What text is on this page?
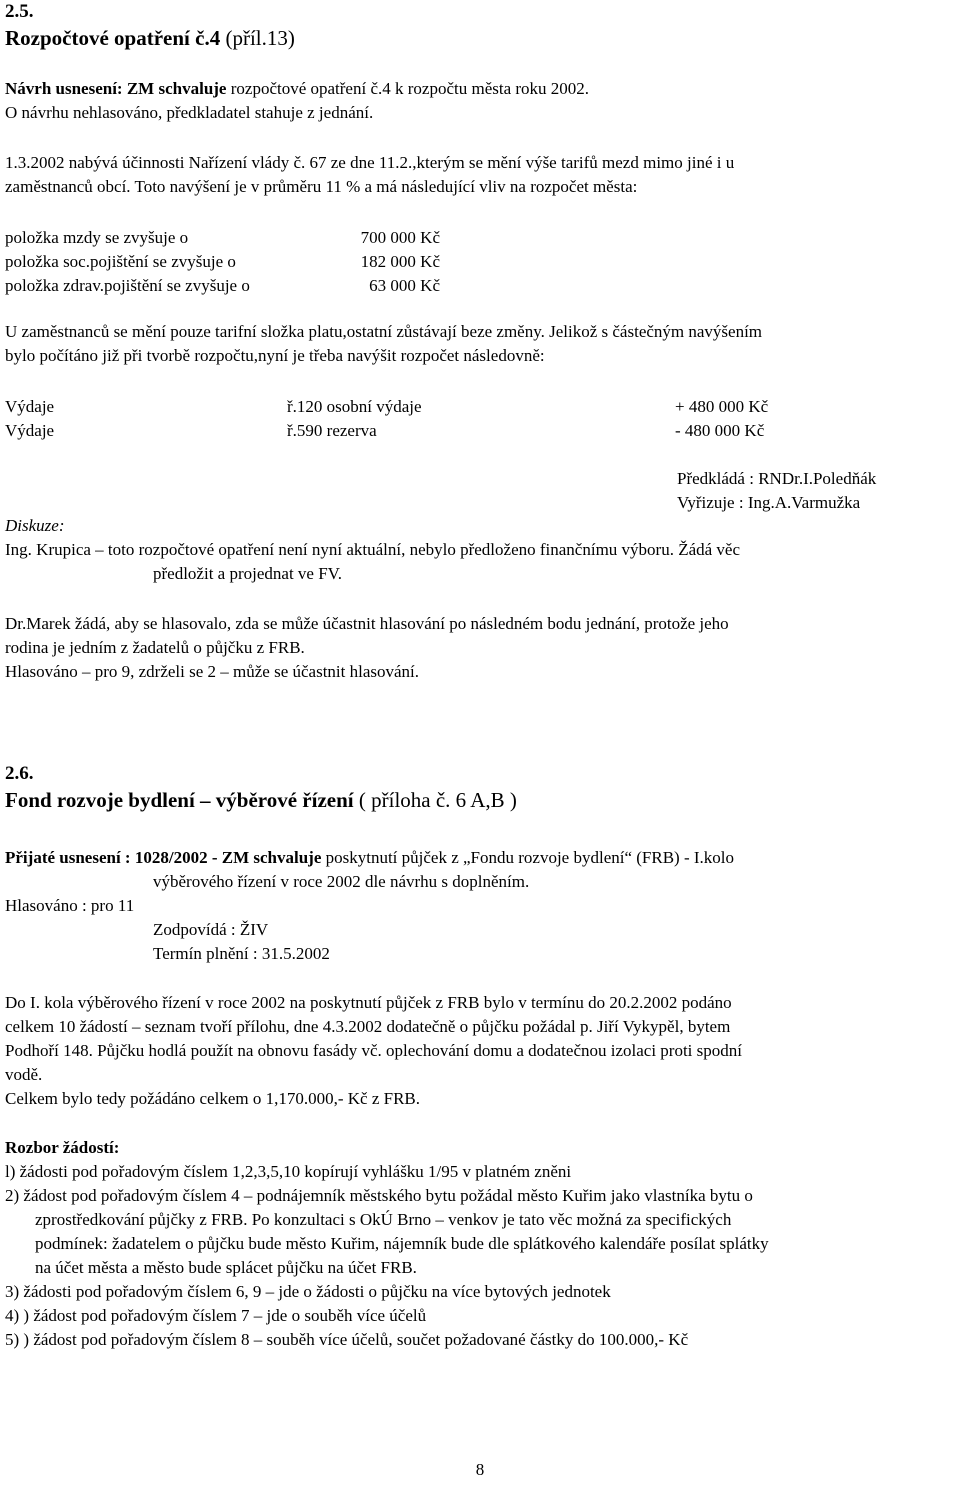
2.5.

Rozpočtové opatření č.4 (příl.13)

Návrh usnesení: ZM schvaluje rozpočtové opatření č.4 k rozpočtu města roku 2002.

O návrhu nehlasováno, předkladatel stahuje z jednání.

1.3.2002 nabývá účinnosti Nařízení vlády č. 67 ze dne 11.2.,kterým se mění výše tarifů mezd mimo jiné i u

zaměstnanců obcí. Toto navýšení je v průměru 11 % a má následující vliv na rozpočet města:

položka mzdy se zvyšuje o	700 000 Kč
položka soc.pojištění se zvyšuje o	182 000 Kč
položka zdrav.pojištění se zvyšuje o	63 000 Kč

U zaměstnanců se mění pouze tarifní složka platu,ostatní zůstávají beze změny. Jelikož s částečným navýšením

bylo počítáno již při tvorbě rozpočtu,nyní je třeba navýšit rozpočet následovně:

Výdaje	ř.120 osobní výdaje	+ 480 000 Kč
Výdaje	ř.590 rezerva	- 480 000 Kč

Předkládá : RNDr.I.Poledňák

Vyřizuje : Ing.A.Varmužka

Diskuze:

Ing. Krupica – toto rozpočtové opatření není nyní aktuální, nebylo předloženo finančnímu výboru. Žádá věc

předložit a projednat ve FV.

Dr.Marek žádá, aby se hlasovalo, zda se může účastnit hlasování po následném bodu jednání, protože jeho

rodina je jedním z žadatelů o půjčku z FRB.

Hlasováno – pro 9, zdrželi se 2 – může se účastnit hlasování.

2.6.

Fond rozvoje bydlení – výběrové řízení ( příloha č. 6 A,B )

Přijaté usnesení : 1028/2002 - ZM schvaluje poskytnutí půjček z „Fondu rozvoje bydlení“ (FRB) - I.kolo

výběrového řízení v roce 2002 dle návrhu s doplněním.

Hlasováno : pro 11

Zodpovídá : ŽIV

Termín plnění : 31.5.2002

Do I. kola výběrového řízení v roce 2002 na poskytnutí půjček z FRB bylo v termínu do 20.2.2002 podáno

celkem 10 žádostí – seznam tvoří přílohu, dne 4.3.2002 dodatečně o půjčku požádal p. Jiří Vykypěl, bytem

Podhoří 148. Půjčku hodlá použít na obnovu fasády vč. oplechování domu a dodatečnou izolaci proti spodní

vodě.

Celkem bylo tedy požádáno celkem o 1,170.000,- Kč z FRB.

Rozbor žádostí:

l) žádosti pod pořadovým číslem 1,2,3,5,10 kopírují vyhlášku 1/95 v platném zněni

2) žádost pod pořadovým číslem 4 – podnájemník městského bytu požádal město Kuřim jako vlastníka bytu o

zprostředkování půjčky z FRB. Po konzultaci s OkÚ Brno – venkov je tato věc možná za specifických

podmínek: žadatelem o půjčku bude město Kuřim, nájemník bude dle splátkového kalendáře posílat splátky

na účet města a město bude splácet půjčku na účet FRB.

3) žádosti pod pořadovým číslem 6, 9 – jde o žádosti o půjčku na více bytových jednotek

4) ) žádost pod pořadovým číslem 7 – jde o souběh více účelů

5) ) žádost pod pořadovým číslem 8 – souběh více účelů, součet požadované částky do 100.000,- Kč

8
